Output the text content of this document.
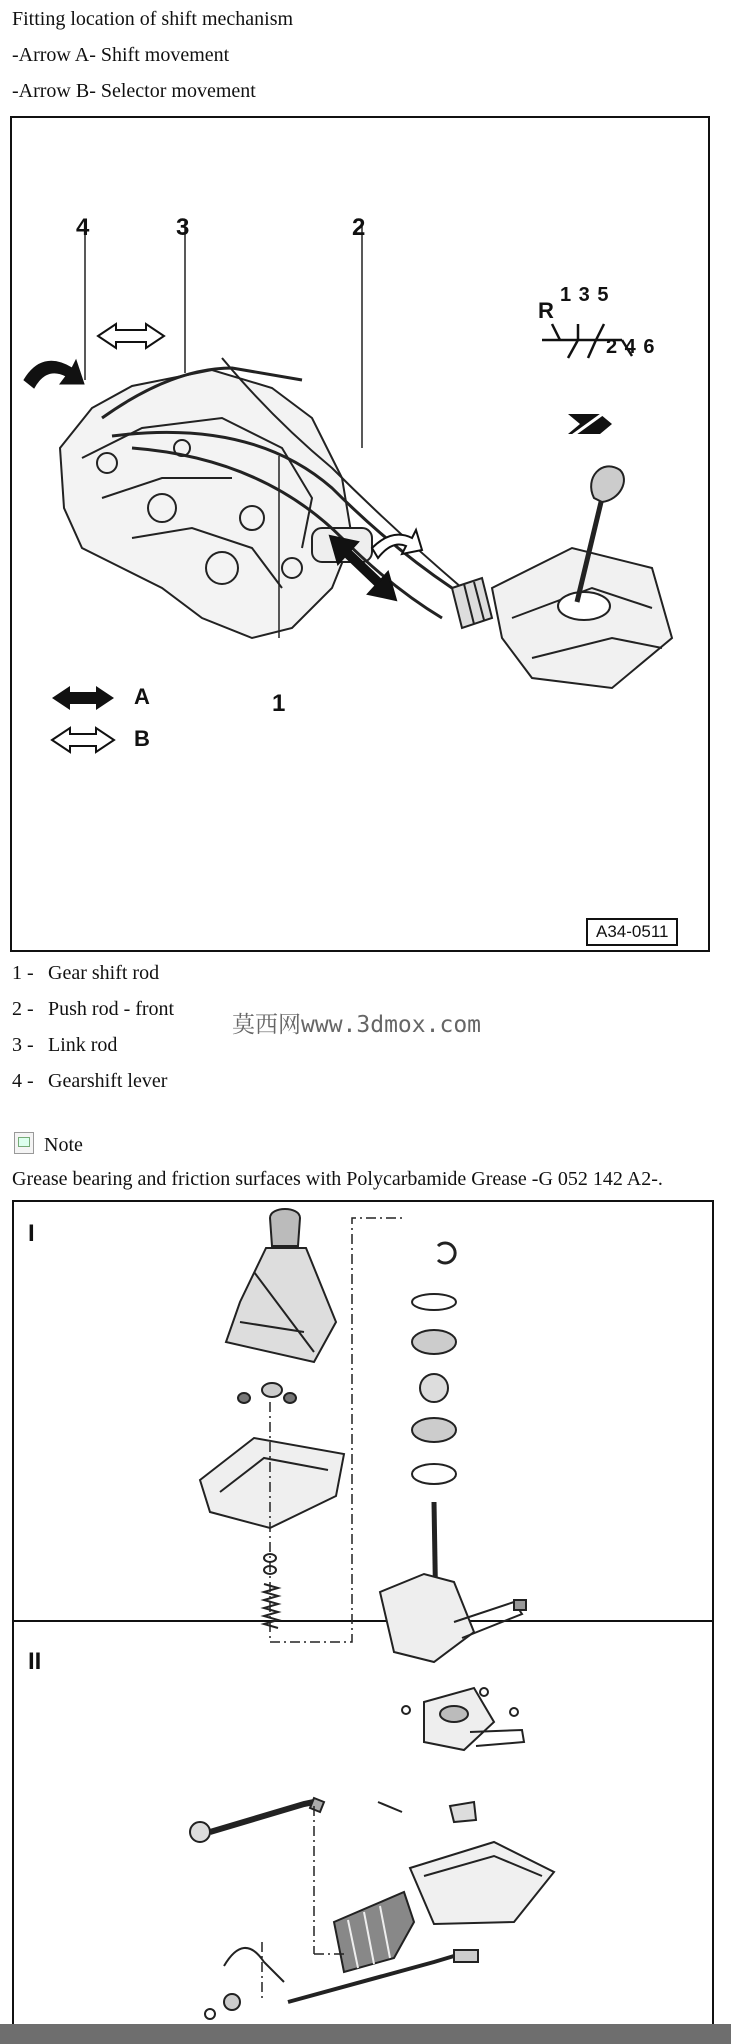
Fitting location of shift mechanism
-Arrow A- Shift movement
-Arrow B- Selector movement
4	3	2
1
R
1 3 5
2 4 6
A
B
A34-0511
1 - Gear shift rod
2 - Push rod - front
3 - Link rod
4 - Gearshift lever
莫西网www.3dmox.com
Note
Grease bearing and friction surfaces with Polycarbamide Grease -G 052 142 A2-.
I
II
